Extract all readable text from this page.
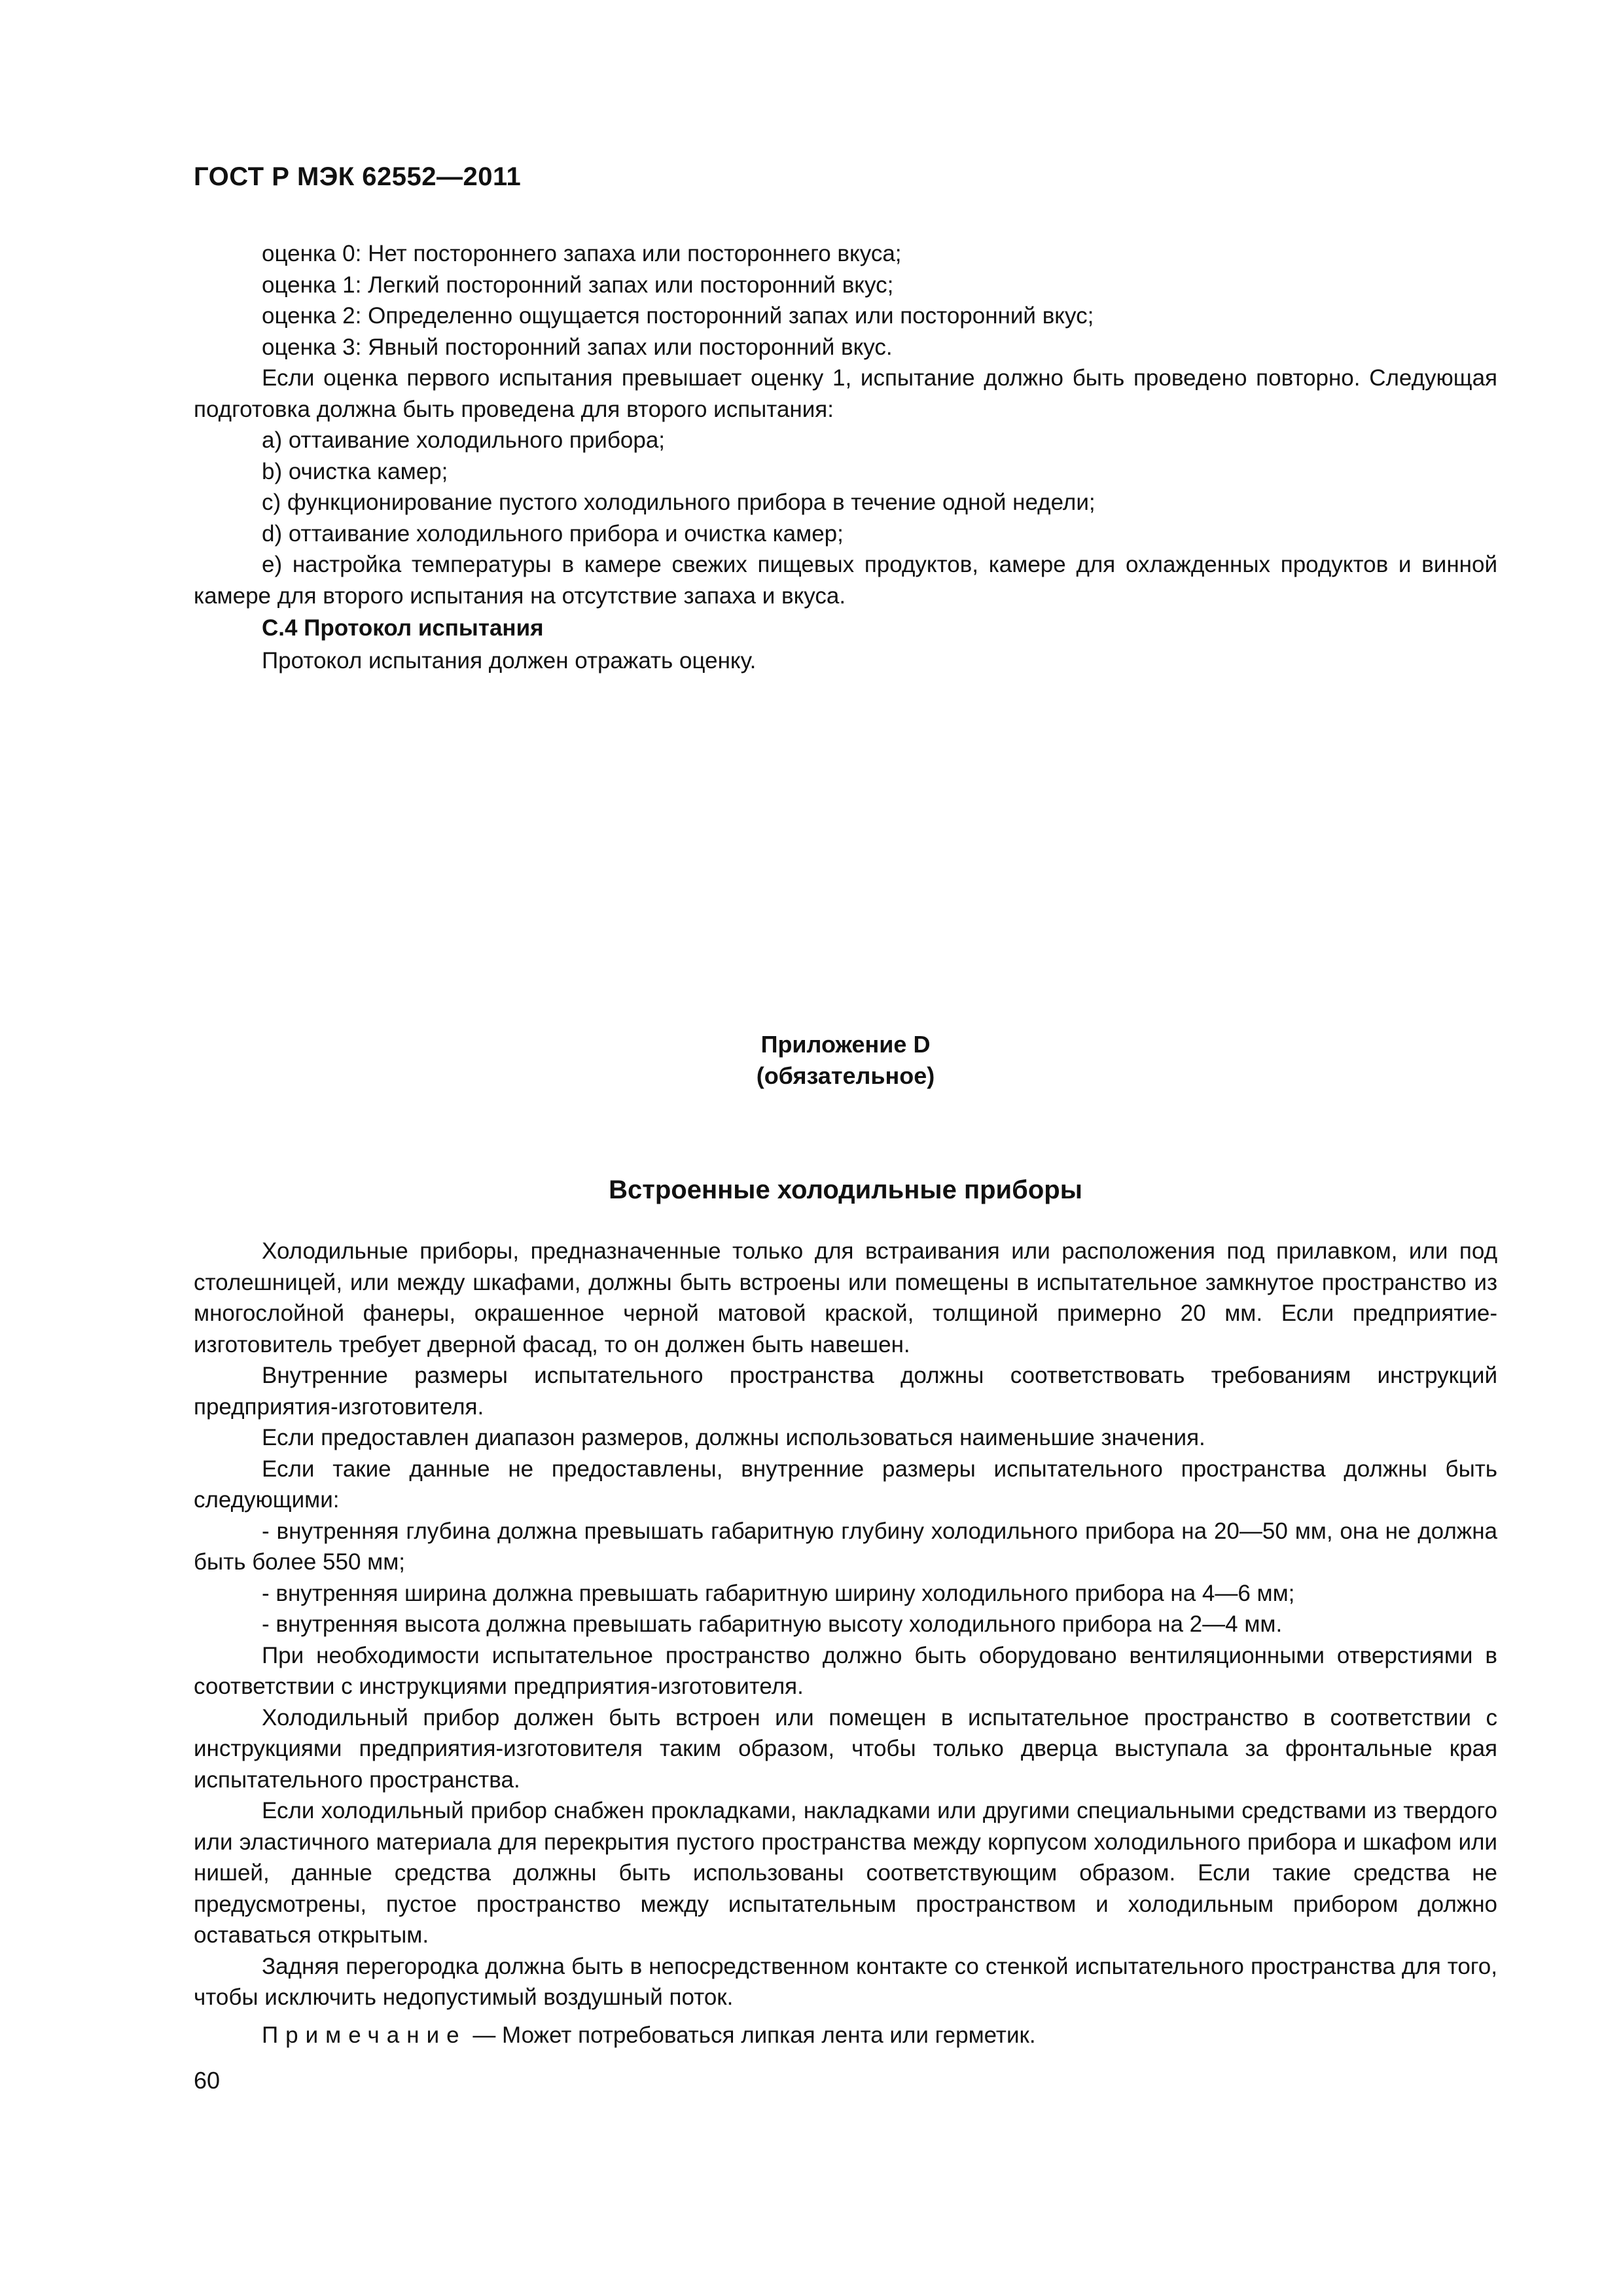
ГОСТ Р МЭК 62552—2011

оценка 0: Нет постороннего запаха или постороннего вкуса;

оценка 1: Легкий посторонний запах или посторонний вкус;

оценка 2: Определенно ощущается посторонний запах или посторонний вкус;

оценка 3: Явный посторонний запах или посторонний вкус.

Если оценка первого испытания превышает оценку 1, испытание должно быть проведено повторно. Следующая подготовка должна быть проведена для второго испытания:

a) оттаивание холодильного прибора;

b) очистка камер;

c) функционирование пустого холодильного прибора в течение одной недели;

d) оттаивание холодильного прибора и очистка камер;

e) настройка температуры в камере свежих пищевых продуктов, камере для охлажденных продуктов и винной камере для второго испытания на отсутствие запаха и вкуса.

С.4 Протокол испытания

Протокол испытания должен отражать оценку.

Приложение D
(обязательное)
Встроенные холодильные приборы

Холодильные приборы, предназначенные только для встраивания или расположения под прилавком, или под столешницей, или между шкафами, должны быть встроены или помещены в испытательное замкнутое пространство из многослойной фанеры, окрашенное черной матовой краской, толщиной примерно 20 мм. Если предприятие-изготовитель требует дверной фасад, то он должен быть навешен.

Внутренние размеры испытательного пространства должны соответствовать требованиям инструкций предприятия-изготовителя.

Если предоставлен диапазон размеров, должны использоваться наименьшие значения.

Если такие данные не предоставлены, внутренние размеры испытательного пространства должны быть следующими:

- внутренняя глубина должна превышать габаритную глубину холодильного прибора на 20—50 мм, она не должна быть более 550 мм;

- внутренняя ширина должна превышать габаритную ширину холодильного прибора на 4—6 мм;

- внутренняя высота должна превышать габаритную высоту холодильного прибора на 2—4 мм.

При необходимости испытательное пространство должно быть оборудовано вентиляционными отверстиями в соответствии с инструкциями предприятия-изготовителя.

Холодильный прибор должен быть встроен или помещен в испытательное пространство в соответствии с инструкциями предприятия-изготовителя таким образом, чтобы только дверца выступала за фронтальные края испытательного пространства.

Если холодильный прибор снабжен прокладками, накладками или другими специальными средствами из твердого или эластичного материала для перекрытия пустого пространства между корпусом холодильного прибора и шкафом или нишей, данные средства должны быть использованы соответствующим образом. Если такие средства не предусмотрены, пустое пространство между испытательным пространством и холодильным прибором должно оставаться открытым.

Задняя перегородка должна быть в непосредственном контакте со стенкой испытательного пространства для того, чтобы исключить недопустимый воздушный поток.

Примечание — Может потребоваться липкая лента или герметик.

60
